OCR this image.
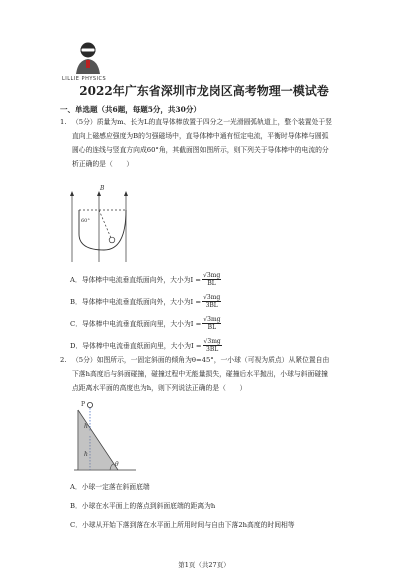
LILLIE PHYSICS
2022年广东省深圳市龙岗区高考物理一模试卷
一、单选题（共6题，每题5分，共30分）
1. （5分）质量为m、长为L的直导体棒放置于四分之一光滑圆弧轨道上，整个装置处于竖
直向上磁感应强度为B的匀强磁场中，直导体棒中通有恒定电流，平衡时导体棒与圆弧
圆心的连线与竖直方向成60°角，其截面图如图所示，则下列关于导体棒中的电流的分
析正确的是（　　）
B
60°
A．导体棒中电流垂直纸面向外，大小为$I = \frac{√3mg}{BL}$
B．导体棒中电流垂直纸面向外，大小为$I = \frac{√3mg}{3BL}$
C．导体棒中电流垂直纸面向里，大小为$I = \frac{√3mg}{BL}$
D．导体棒中电流垂直纸面向里，大小为$I = \frac{√3mg}{3BL}$
2. （5分）如图所示，一固定斜面的倾角为θ=45°，一小球（可视为质点）从紧位置自由
下落h高度后与斜面碰撞，碰撞过程中无能量损失，碰撞后水平抛出，小球与斜面碰撞
点距离水平面的高度也为h，则下列说法正确的是（　　）
P
h
h
θ
A．小球一定落在斜面底端
B．小球在水平面上的落点到斜面底端的距离为h
C．小球从开始下落到落在水平面上所用时间与自由下落2h高度的时间相等
第1页（共27页）
